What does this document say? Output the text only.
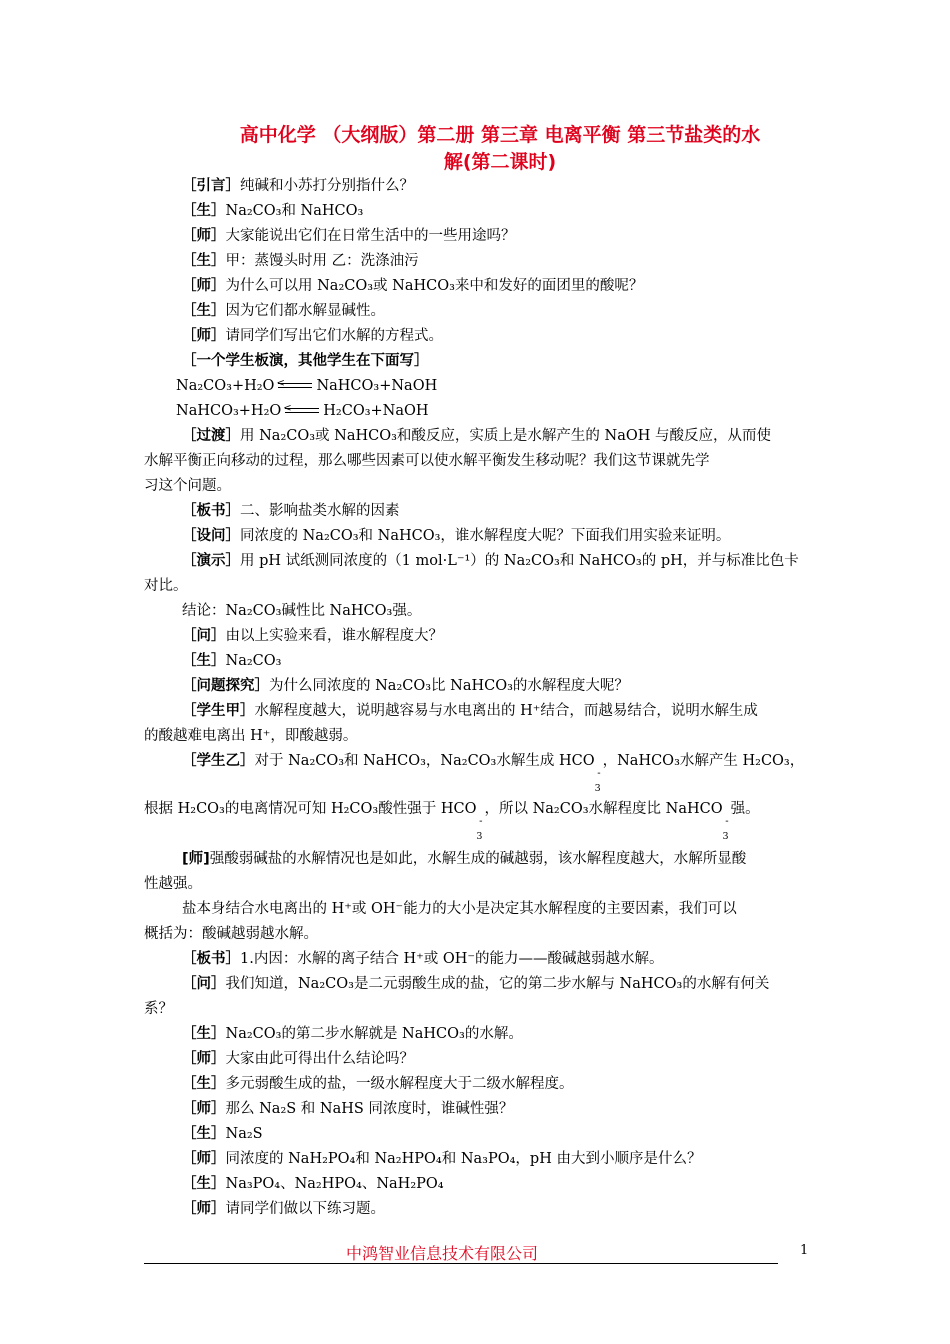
高中化学 （大纲版）第二册 第三章 电离平衡 第三节盐类的水
解(第二课时)
［引言］纯碱和小苏打分别指什么？
［生］Na₂CO₃和 NaHCO₃
［师］大家能说出它们在日常生活中的一些用途吗？
［生］甲：蒸馒头时用 乙：洗涤油污
［师］为什么可以用 Na₂CO₃或 NaHCO₃来中和发好的面团里的酸呢？
［生］因为它们都水解显碱性。
［师］请同学们写出它们水解的方程式。
［一个学生板演，其他学生在下面写］
Na₂CO₃+H₂O < NaHCO₃+NaOH
NaHCO₃+H₂O < H₂CO₃+NaOH
［过渡］用 Na₂CO₃或 NaHCO₃和酸反应，实质上是水解产生的 NaOH 与酸反应，从而使
水解平衡正向移动的过程，那么哪些因素可以使水解平衡发生移动呢？我们这节课就先学
习这个问题。
［板书］二、影响盐类水解的因素
［设问］同浓度的 Na₂CO₃和 NaHCO₃，谁水解程度大呢？下面我们用实验来证明。
［演示］用 pH 试纸测同浓度的（1 mol·L⁻¹）的 Na₂CO₃和 NaHCO₃的 pH，并与标准比色卡
对比。
结论：Na₂CO₃碱性比 NaHCO₃强。
［问］由以上实验来看，谁水解程度大？
［生］Na₂CO₃
［问题探究］为什么同浓度的 Na₂CO₃比 NaHCO₃的水解程度大呢？
［学生甲］水解程度越大，说明越容易与水电离出的 H⁺结合，而越易结合，说明水解生成
的酸越难电离出 H⁺，即酸越弱。
［学生乙］对于 Na₂CO₃和 NaHCO₃，Na₂CO₃水解生成 HCO
-
3
，NaHCO₃水解产生 H₂CO₃，
根据 H₂CO₃的电离情况可知 H₂CO₃酸性强于 HCO
-
3
，所以 Na₂CO₃水解程度比 NaHCO
-
3
强。
[师]强酸弱碱盐的水解情况也是如此，水解生成的碱越弱，该水解程度越大，水解所显酸
性越强。
盐本身结合水电离出的 H⁺或 OH⁻能力的大小是决定其水解程度的主要因素，我们可以
概括为：酸碱越弱越水解。
［板书］1.内因：水解的离子结合 H⁺或 OH⁻的能力——酸碱越弱越水解。
［问］我们知道，Na₂CO₃是二元弱酸生成的盐，它的第二步水解与 NaHCO₃的水解有何关
系？
［生］Na₂CO₃的第二步水解就是 NaHCO₃的水解。
［师］大家由此可得出什么结论吗？
［生］多元弱酸生成的盐，一级水解程度大于二级水解程度。
［师］那么 Na₂S 和 NaHS 同浓度时，谁碱性强？
［生］Na₂S
［师］同浓度的 NaH₂PO₄和 Na₂HPO₄和 Na₃PO₄，pH 由大到小顺序是什么？
［生］Na₃PO₄、Na₂HPO₄、NaH₂PO₄
［师］请同学们做以下练习题。
中鸿智业信息技术有限公司	1
